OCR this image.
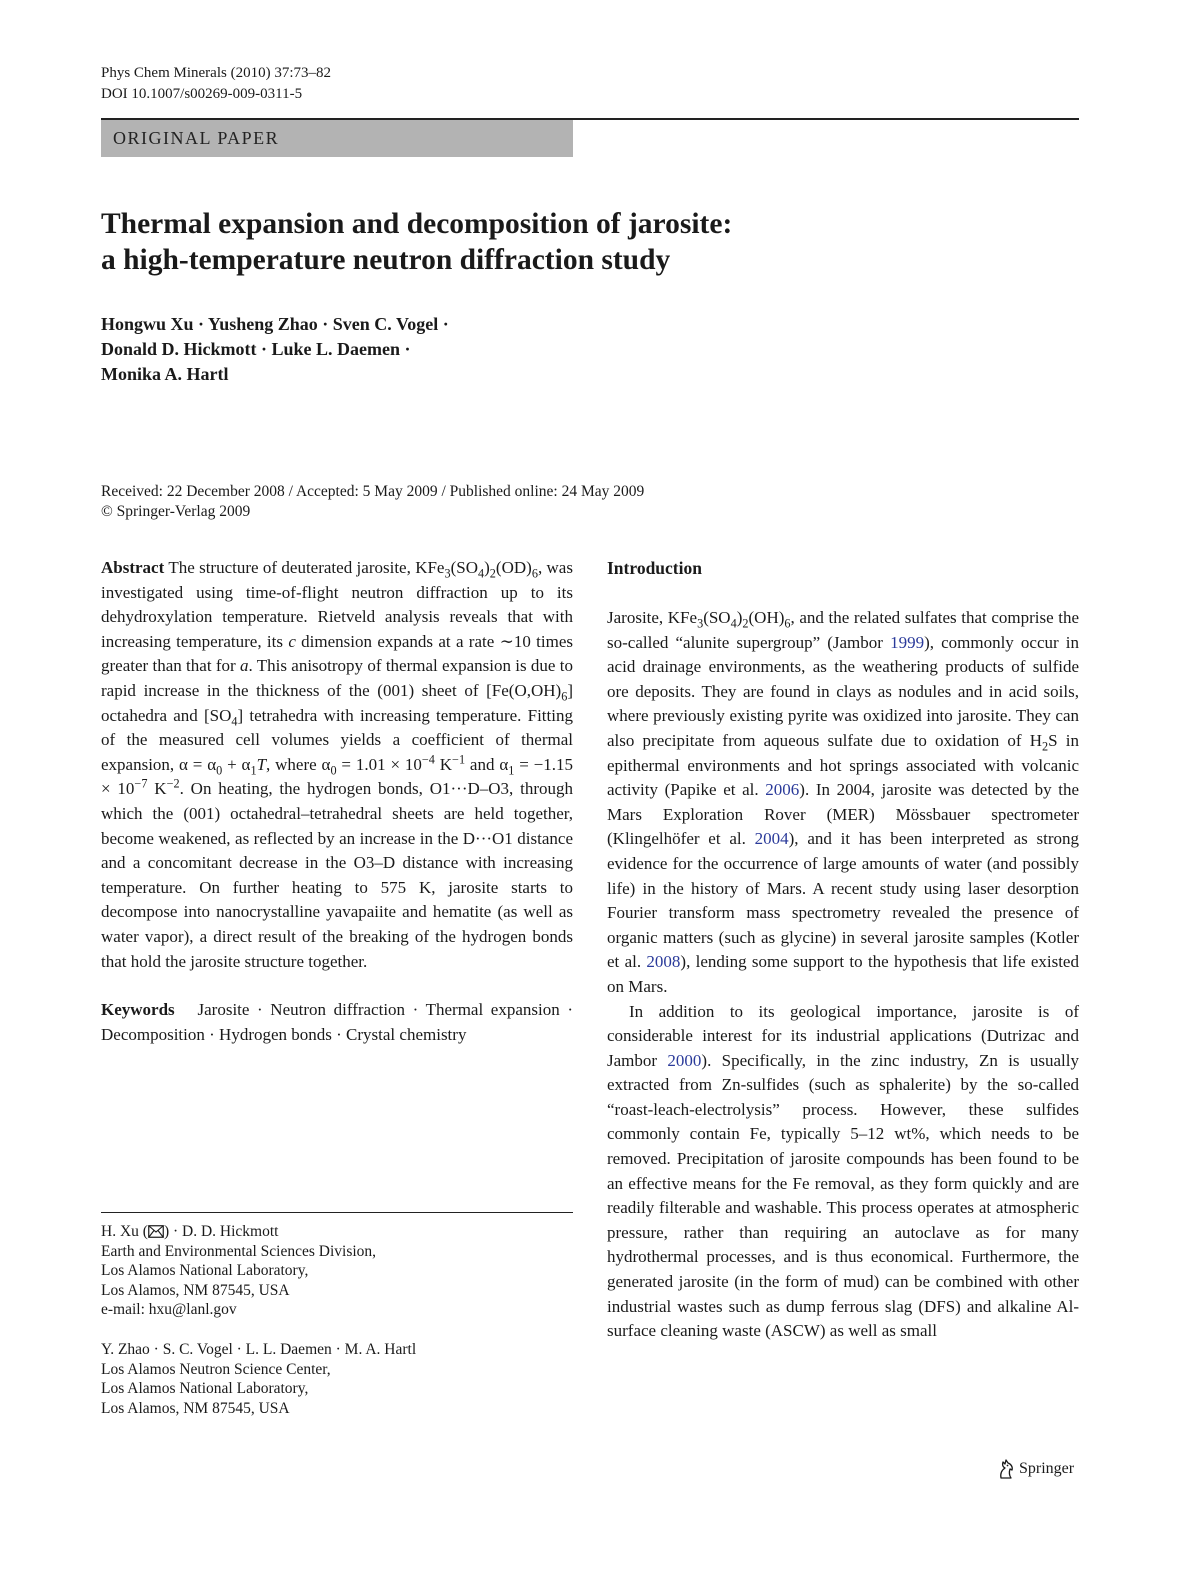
Phys Chem Minerals (2010) 37:73–82
DOI 10.1007/s00269-009-0311-5
ORIGINAL PAPER
Thermal expansion and decomposition of jarosite:
a high-temperature neutron diffraction study
Hongwu Xu · Yusheng Zhao · Sven C. Vogel ·
Donald D. Hickmott · Luke L. Daemen ·
Monika A. Hartl
Received: 22 December 2008 / Accepted: 5 May 2009 / Published online: 24 May 2009
© Springer-Verlag 2009

Abstract The structure of deuterated jarosite, $KFe_3(SO_4)_2(OD)_6$, was investigated using time-of-flight neutron diffraction up to its dehydroxylation temperature. Rietveld analysis reveals that with increasing temperature, its c dimension expands at a rate ∼10 times greater than that for a. This anisotropy of thermal expansion is due to rapid increase in the thickness of the (001) sheet of $[Fe(O,OH)_6]$ octahedra and $[SO_4]$ tetrahedra with increasing temperature. Fitting of the measured cell volumes yields a coefficient of thermal expansion, $\alpha = \alpha_0 + \alpha_1T$, where $\alpha_0 = 1.01 \times 10^{-4}$ $K^{-1}$ and $\alpha_1 = -1.15 \times 10^{-7}$ $K^{-2}$. On heating, the hydrogen bonds, O1···D–O3, through which the (001) octahedral–tetrahedral sheets are held together, become weakened, as reflected by an increase in the D···O1 distance and a concomitant decrease in the O3–D distance with increasing temperature. On further heating to 575 K, jarosite starts to decompose into nanocrystalline yavapaiite and hematite (as well as water vapor), a direct result of the breaking of the hydrogen bonds that hold the jarosite structure together.

Keywords Jarosite · Neutron diffraction · Thermal expansion · Decomposition · Hydrogen bonds · Crystal chemistry

H. Xu ( ) · D. D. Hickmott
Earth and Environmental Sciences Division,
Los Alamos National Laboratory,
Los Alamos, NM 87545, USA
e-mail: hxu@lanl.gov
Y. Zhao · S. C. Vogel · L. L. Daemen · M. A. Hartl
Los Alamos Neutron Science Center,
Los Alamos National Laboratory,
Los Alamos, NM 87545, USA
Introduction

Jarosite, $KFe_3(SO_4)_2(OH)_6$, and the related sulfates that comprise the so-called “alunite supergroup” (Jambor 1999), commonly occur in acid drainage environments, as the weathering products of sulfide ore deposits. They are found in clays as nodules and in acid soils, where previously existing pyrite was oxidized into jarosite. They can also precipitate from aqueous sulfate due to oxidation of $H_2S$ in epithermal environments and hot springs associated with volcanic activity (Papike et al. 2006). In 2004, jarosite was detected by the Mars Exploration Rover (MER) Mössbauer spectrometer (Klingelhöfer et al. 2004), and it has been interpreted as strong evidence for the occurrence of large amounts of water (and possibly life) in the history of Mars. A recent study using laser desorption Fourier transform mass spectrometry revealed the presence of organic matters (such as glycine) in several jarosite samples (Kotler et al. 2008), lending some support to the hypothesis that life existed on Mars.

In addition to its geological importance, jarosite is of considerable interest for its industrial applications (Dutrizac and Jambor 2000). Specifically, in the zinc industry, Zn is usually extracted from Zn-sulfides (such as sphalerite) by the so-called “roast-leach-electrolysis” process. However, these sulfides commonly contain Fe, typically 5–12 wt%, which needs to be removed. Precipitation of jarosite compounds has been found to be an effective means for the Fe removal, as they form quickly and are readily filterable and washable. This process operates at atmospheric pressure, rather than requiring an autoclave as for many hydrothermal processes, and is thus economical. Furthermore, the generated jarosite (in the form of mud) can be combined with other industrial wastes such as dump ferrous slag (DFS) and alkaline Al-surface cleaning waste (ASCW) as well as small

Springer
